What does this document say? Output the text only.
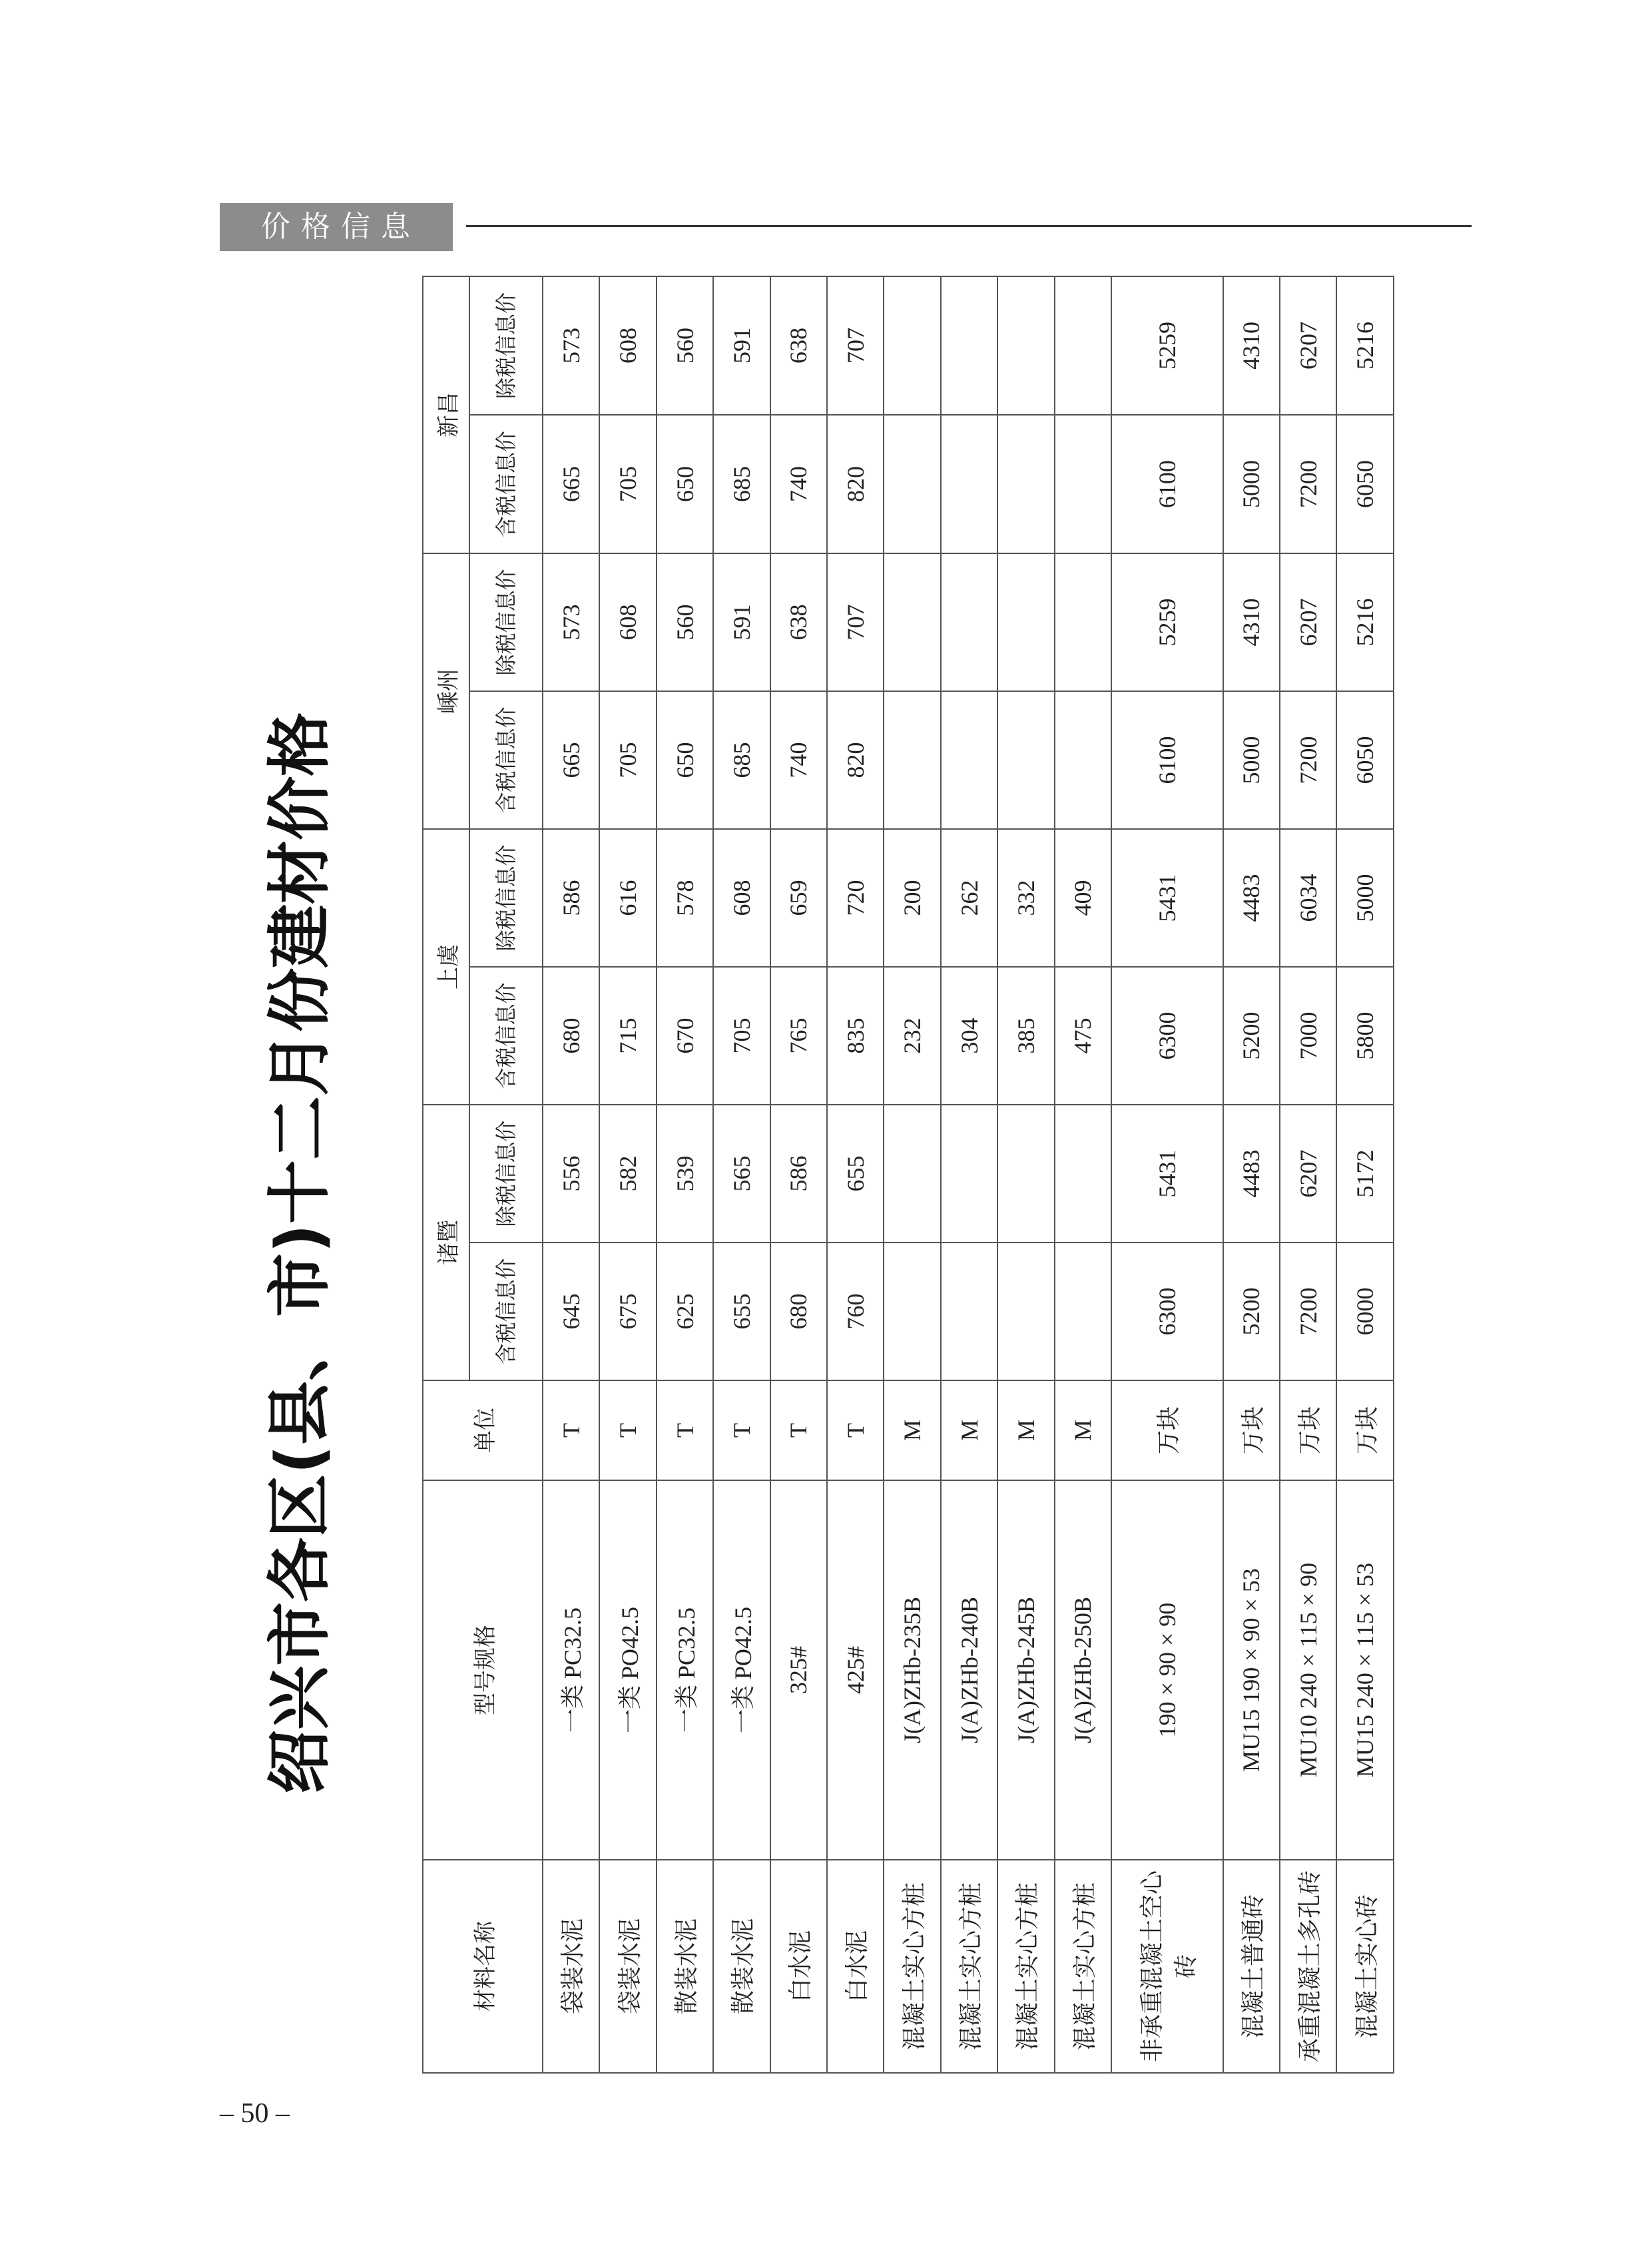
价格信息
绍兴市各区(县、市)十二月份建材价格
材料名称	型号规格	单位	诸暨		上虞		嵊州		新昌	
			含税信息价	除税信息价	含税信息价	除税信息价	含税信息价	除税信息价	含税信息价	除税信息价
袋装水泥	一类 PC32.5	T	645	556	680	586	665	573	665	573
袋装水泥	一类 PO42.5	T	675	582	715	616	705	608	705	608
散装水泥	一类 PC32.5	T	625	539	670	578	650	560	650	560
散装水泥	一类 PO42.5	T	655	565	705	608	685	591	685	591
白水泥	325#	T	680	586	765	659	740	638	740	638
白水泥	425#	T	760	655	835	720	820	707	820	707
混凝土实心方桩	J(A)ZHb-235B	M			232	200				
混凝土实心方桩	J(A)ZHb-240B	M			304	262				
混凝土实心方桩	J(A)ZHb-245B	M			385	332				
混凝土实心方桩	J(A)ZHb-250B	M			475	409				
非承重混凝土空心砖	190 × 90 × 90	万块	6300	5431	6300	5431	6100	5259	6100	5259
混凝土普通砖	MU15 190 × 90 × 53	万块	5200	4483	5200	4483	5000	4310	5000	4310
承重混凝土多孔砖	MU10 240 × 115 × 90	万块	7200	6207	7000	6034	7200	6207	7200	6207
混凝土实心砖	MU15 240 × 115 × 53	万块	6000	5172	5800	5000	6050	5216	6050	5216
– 50 –
